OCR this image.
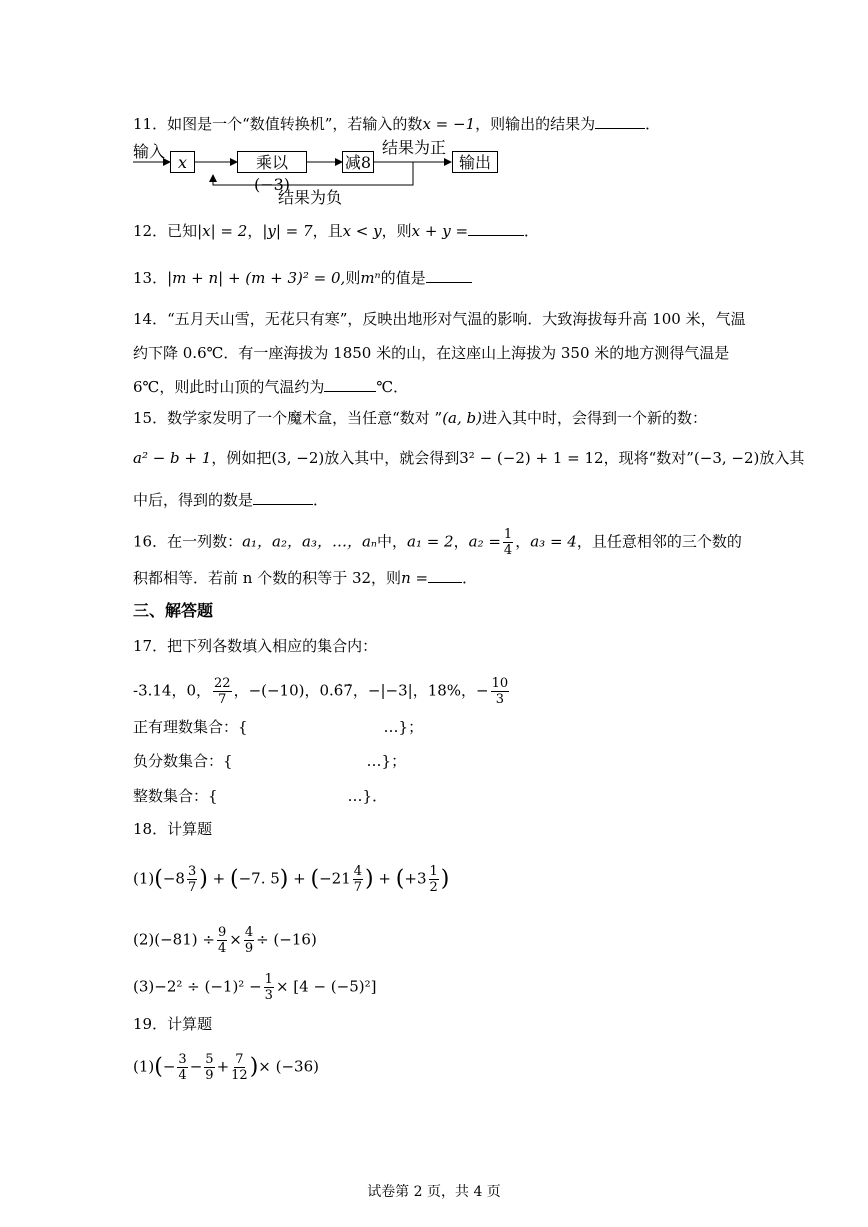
11．如图是一个“数值转换机”，若输入的数x = −1，则输出的结果为	．
输入
x	乘以(−3)
减8
结果为正
输出
结果为负
12．已知|x| = 2，|y| = 7，且x < y，则x + y =	．
13．|m + n| + (m + 3)² = 0,则mⁿ的值是
14．“五月天山雪，无花只有寒”，反映出地形对气温的影响．大致海拔每升高 100 米，气温
约下降 0.6℃．有一座海拔为 1850 米的山，在这座山上海拔为 350 米的地方测得气温是
6℃，则此时山顶的气温约为	℃．
15．数学家发明了一个魔术盒，当任意“数对 ”(a, b)进入其中时，会得到一个新的数：
a² − b + 1，例如把(3, −2)放入其中，就会得到3² − (−2) + 1 = 12，现将“数对”(−3, −2)放入其
中后，得到的数是	．
16．在一列数：a₁，a₂，a₃，…，aₙ中，a₁ = 2，$a_2 = \frac{1}{4}$ ，a₃ = 4，且任意相邻的三个数的
积都相等．若前 n 个数的积等于 32，则n = ．
三、解答题
17．把下列各数填入相应的集合内：
-3.14，0， $\frac{22}{7}$ ，−(−10)，0.6̇7̇，−|−3|，18%，− $\frac{10}{3}$
正有理数集合：{	…}；
负分数集合：{	…}；
整数集合：{	…}．
18．计算题
$(1)(-8 \frac{3}{7}$ ) + (−7. $5) + (-21 \frac{4}{7}$ ) + ($+3 \frac{1}{2}$ )
$(2)(-81) \div \frac{9}{4} \times \frac{4}{9} \div (-16)$
$(3)-2^2 \div (-1)^2 - \frac{1}{3} \times [4 - (-5)^2]$
19．计算题
$(1)(- \frac{3}{4} - \frac{5}{9} + \frac{7}{12}$ )× (−36)
试卷第 2 页，共 4 页
